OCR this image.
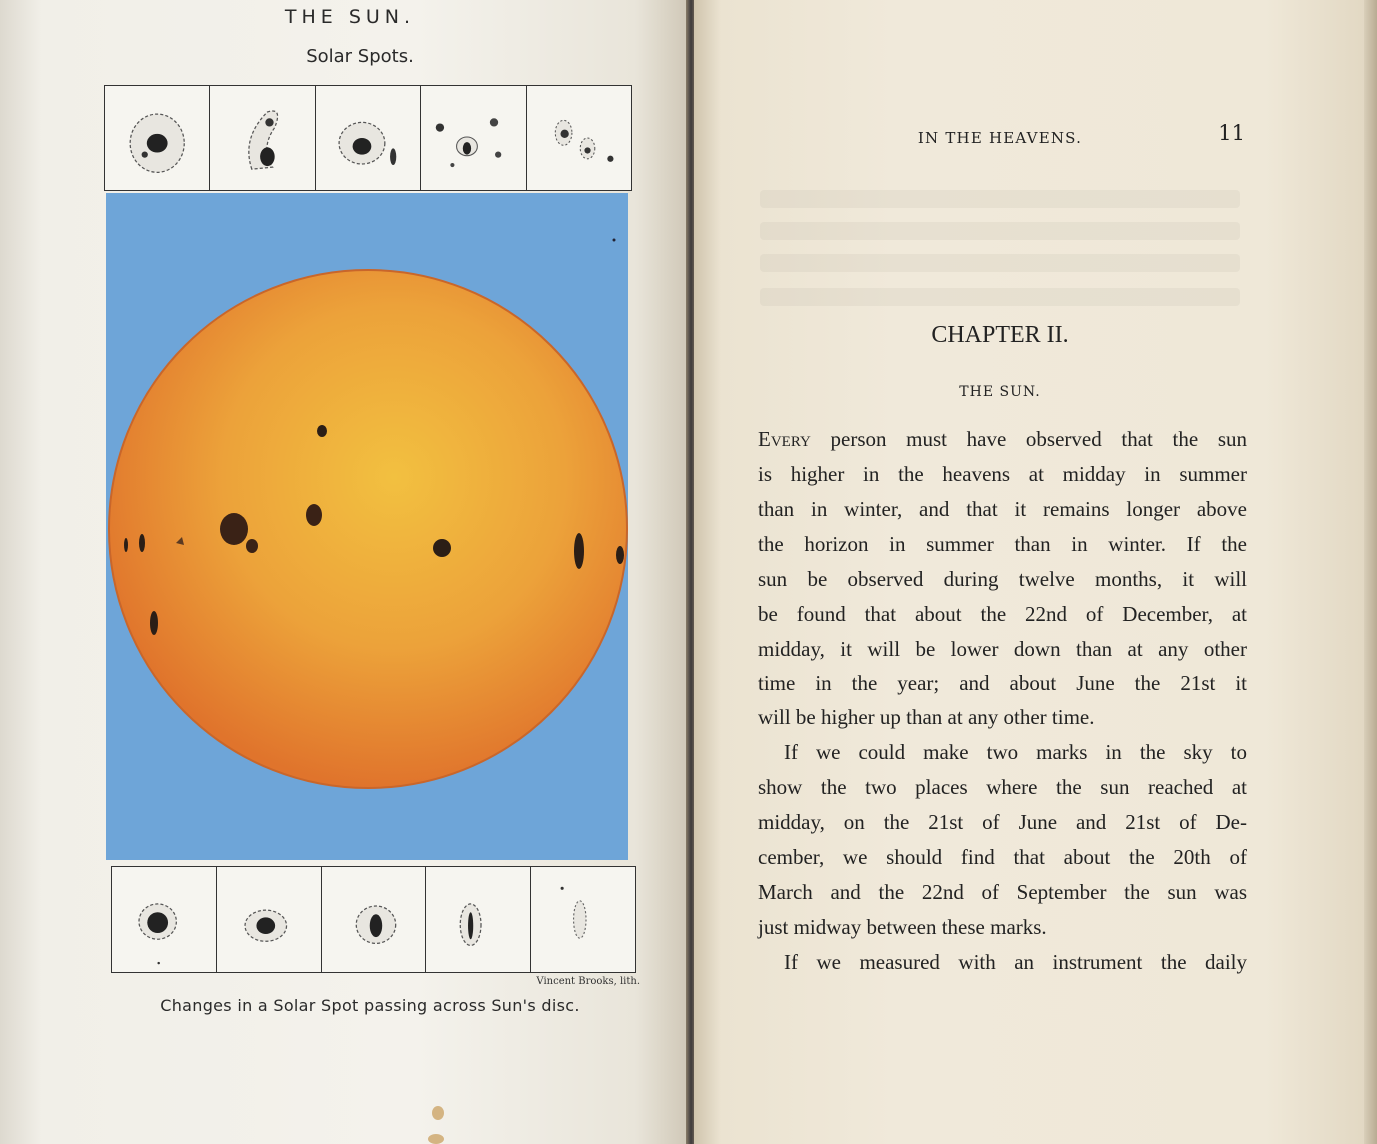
THE SUN.
Solar Spots.
Vincent Brooks, lith.
Changes in a Solar Spot passing across Sun's disc.
IN THE HEAVENS.	11
CHAPTER II.
THE SUN.
Every person must have observed that the sun
is higher in the heavens at midday in summer
than in winter, and that it remains longer above
the horizon in summer than in winter. If the
sun be observed during twelve months, it will
be found that about the 22nd of December, at
midday, it will be lower down than at any other
time in the year; and about June the 21st it
will be higher up than at any other time.
If we could make two marks in the sky to
show the two places where the sun reached at
midday, on the 21st of June and 21st of De-
cember, we should find that about the 20th of
March and the 22nd of September the sun was
just midway between these marks.
If we measured with an instrument the daily
